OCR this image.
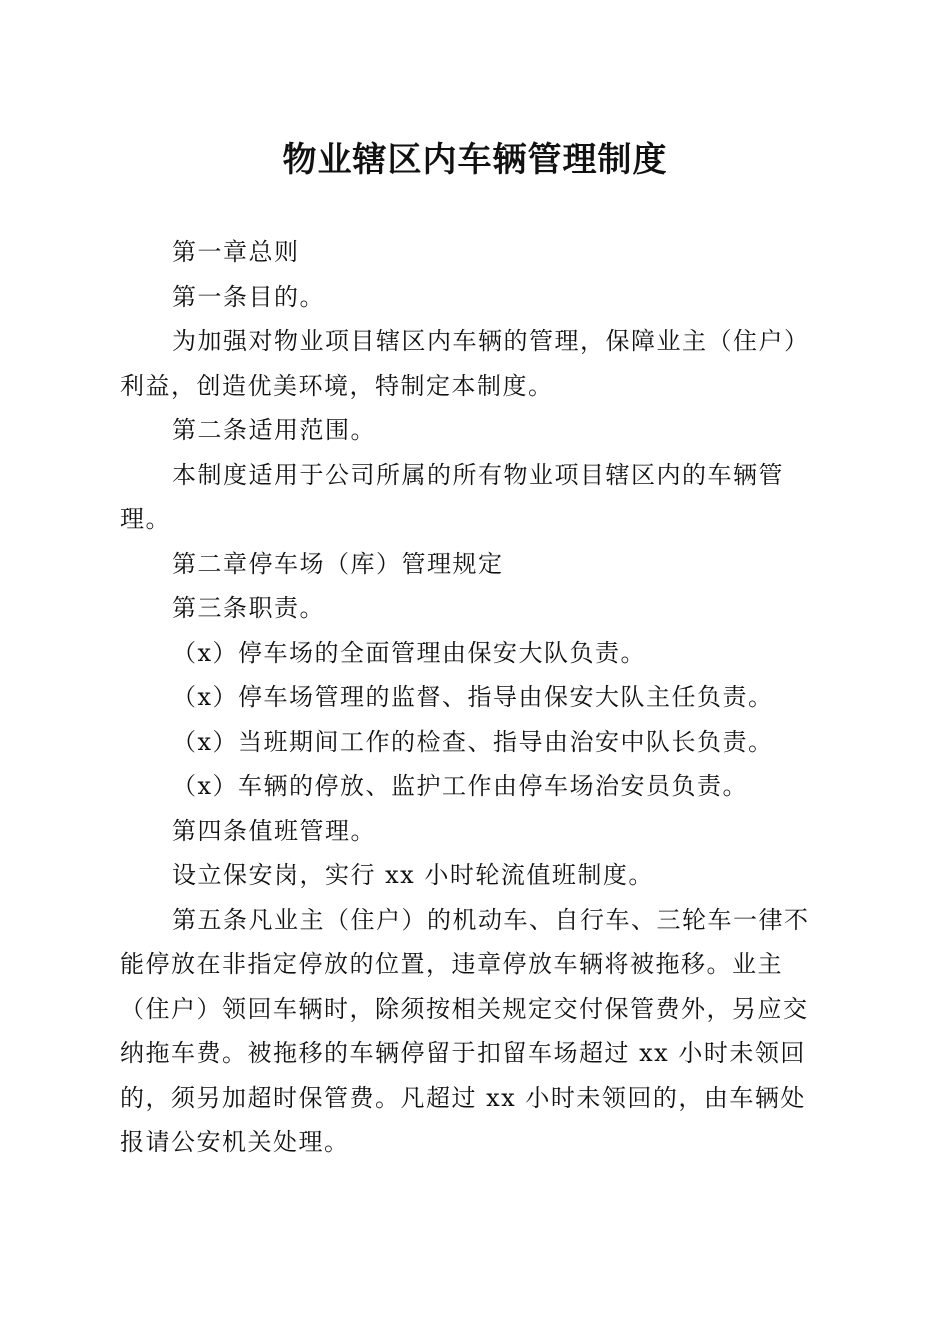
物业辖区内车辆管理制度

第一章总则

第一条目的。

为加强对物业项目辖区内车辆的管理，保障业主（住户）利益，创造优美环境，特制定本制度。

第二条适用范围。

本制度适用于公司所属的所有物业项目辖区内的车辆管理。

第二章停车场（库）管理规定

第三条职责。

（x）停车场的全面管理由保安大队负责。

（x）停车场管理的监督、指导由保安大队主任负责。

（x）当班期间工作的检查、指导由治安中队长负责。

（x）车辆的停放、监护工作由停车场治安员负责。

第四条值班管理。

设立保安岗，实行 xx 小时轮流值班制度。

第五条凡业主（住户）的机动车、自行车、三轮车一律不能停放在非指定停放的位置，违章停放车辆将被拖移。业主（住户）领回车辆时，除须按相关规定交付保管费外，另应交纳拖车费。被拖移的车辆停留于扣留车场超过 xx 小时未领回的，须另加超时保管费。凡超过 xx 小时未领回的，由车辆处报请公安机关处理。
